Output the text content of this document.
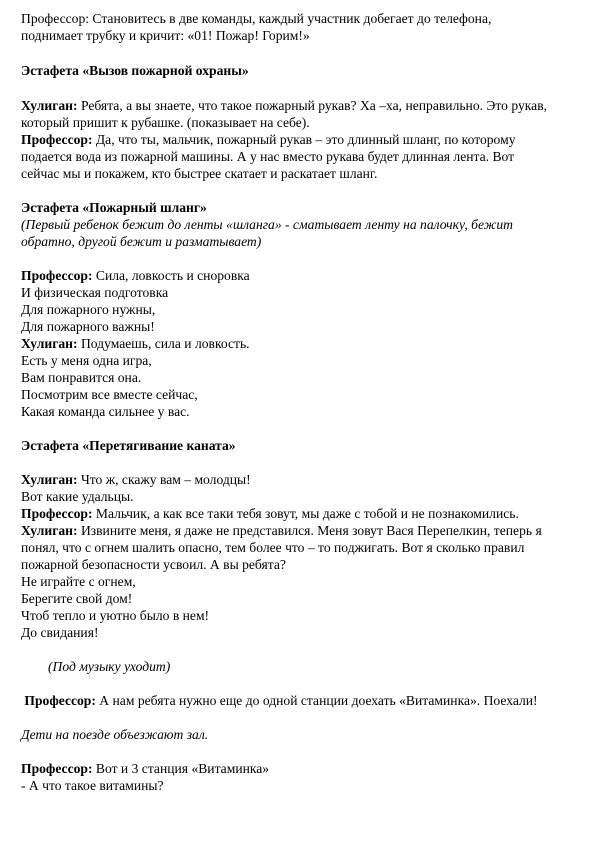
Профессор: Становитесь в две команды, каждый участник добегает до телефона,

поднимает трубку и кричит: «01! Пожар! Горим!»

Эстафета «Вызов пожарной охраны»

Хулиган: Ребята, а вы знаете, что такое пожарный рукав? Ха –ха, неправильно. Это рукав,

который пришит к рубашке. (показывает на себе).

Профессор: Да, что ты, мальчик, пожарный рукав – это длинный шланг, по которому

подается вода из пожарной машины. А у нас вместо рукава будет длинная лента. Вот

сейчас мы и покажем, кто быстрее скатает и раскатает шланг.

Эстафета «Пожарный шланг»

(Первый ребенок бежит до ленты «шланга» - сматывает ленту на палочку, бежит

обратно, другой бежит и разматывает)

Профессор: Сила, ловкость и сноровка

И физическая подготовка

Для пожарного нужны,

Для пожарного важны!

Хулиган: Подумаешь, сила и ловкость.

Есть у меня одна игра,

Вам понравится она.

Посмотрим все вместе сейчас,

Какая команда сильнее у вас.

Эстафета «Перетягивание каната»

Хулиган: Что ж, скажу вам – молодцы!

Вот какие удальцы.

Профессор: Мальчик, а как все таки тебя зовут, мы даже с тобой и не познакомились.

Хулиган: Извините меня, я даже не представился. Меня зовут Вася Перепелкин, теперь я

понял, что с огнем шалить опасно, тем более что – то поджигать. Вот я сколько правил

пожарной безопасности усвоил. А вы ребята?

Не играйте с огнем,

Берегите свой дом!

Чтоб тепло и уютно было в нем!

До свидания!

(Под музыку уходит)

Профессор: А нам ребята нужно еще до одной станции доехать «Витаминка». Поехали!

Дети на поезде объезжают зал.

Профессор: Вот и 3 станция «Витаминка»

- А что такое витамины?
